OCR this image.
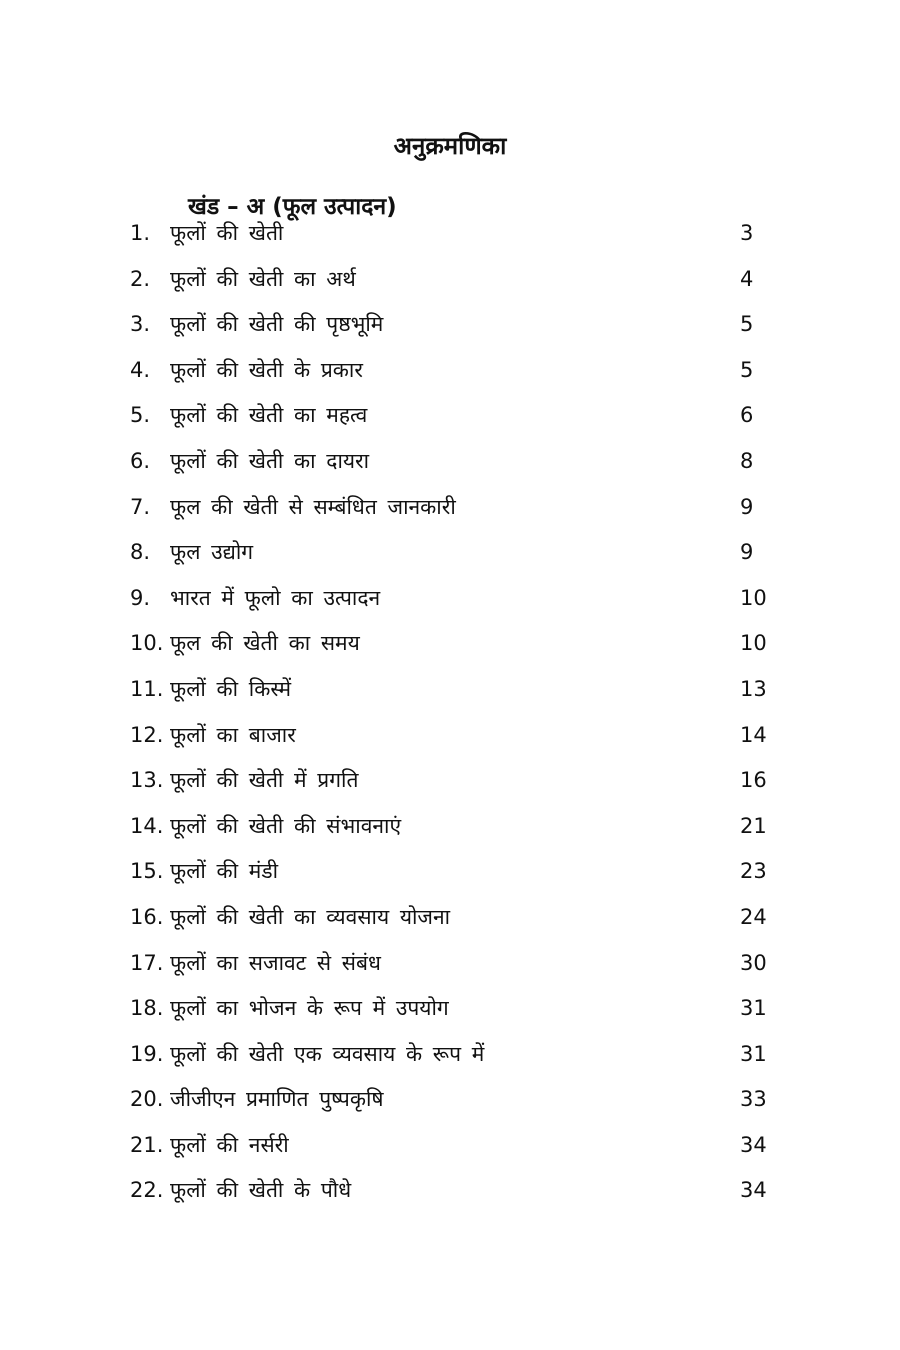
अनुक्रमणिका
खंड – अ (फूल उत्पादन)
1. फूलों की खेती	3
2. फूलों की खेती का अर्थ	4
3. फूलों की खेती की पृष्ठभूमि	5
4. फूलों की खेती के प्रकार	5
5. फूलों की खेती का महत्व	6
6. फूलों की खेती का दायरा	8
7. फूल की खेती से सम्बंधित जानकारी	9
8. फूल उद्योग	9
9. भारत में फूलो का उत्पादन	10
10. फूल की खेती का समय	10
11. फूलों की किस्में	13
12. फूलों का बाजार	14
13. फूलों की खेती में प्रगति	16
14. फूलों की खेती की संभावनाएं	21
15. फूलों की मंडी	23
16. फूलों की खेती का व्यवसाय योजना	24
17. फूलों का सजावट से संबंध	30
18. फूलों का भोजन के रूप में उपयोग	31
19. फूलों की खेती एक व्यवसाय के रूप में	31
20. जीजीएन प्रमाणित पुष्पकृषि	33
21. फूलों की नर्सरी	34
22. फूलों की खेती के पौधे	34
